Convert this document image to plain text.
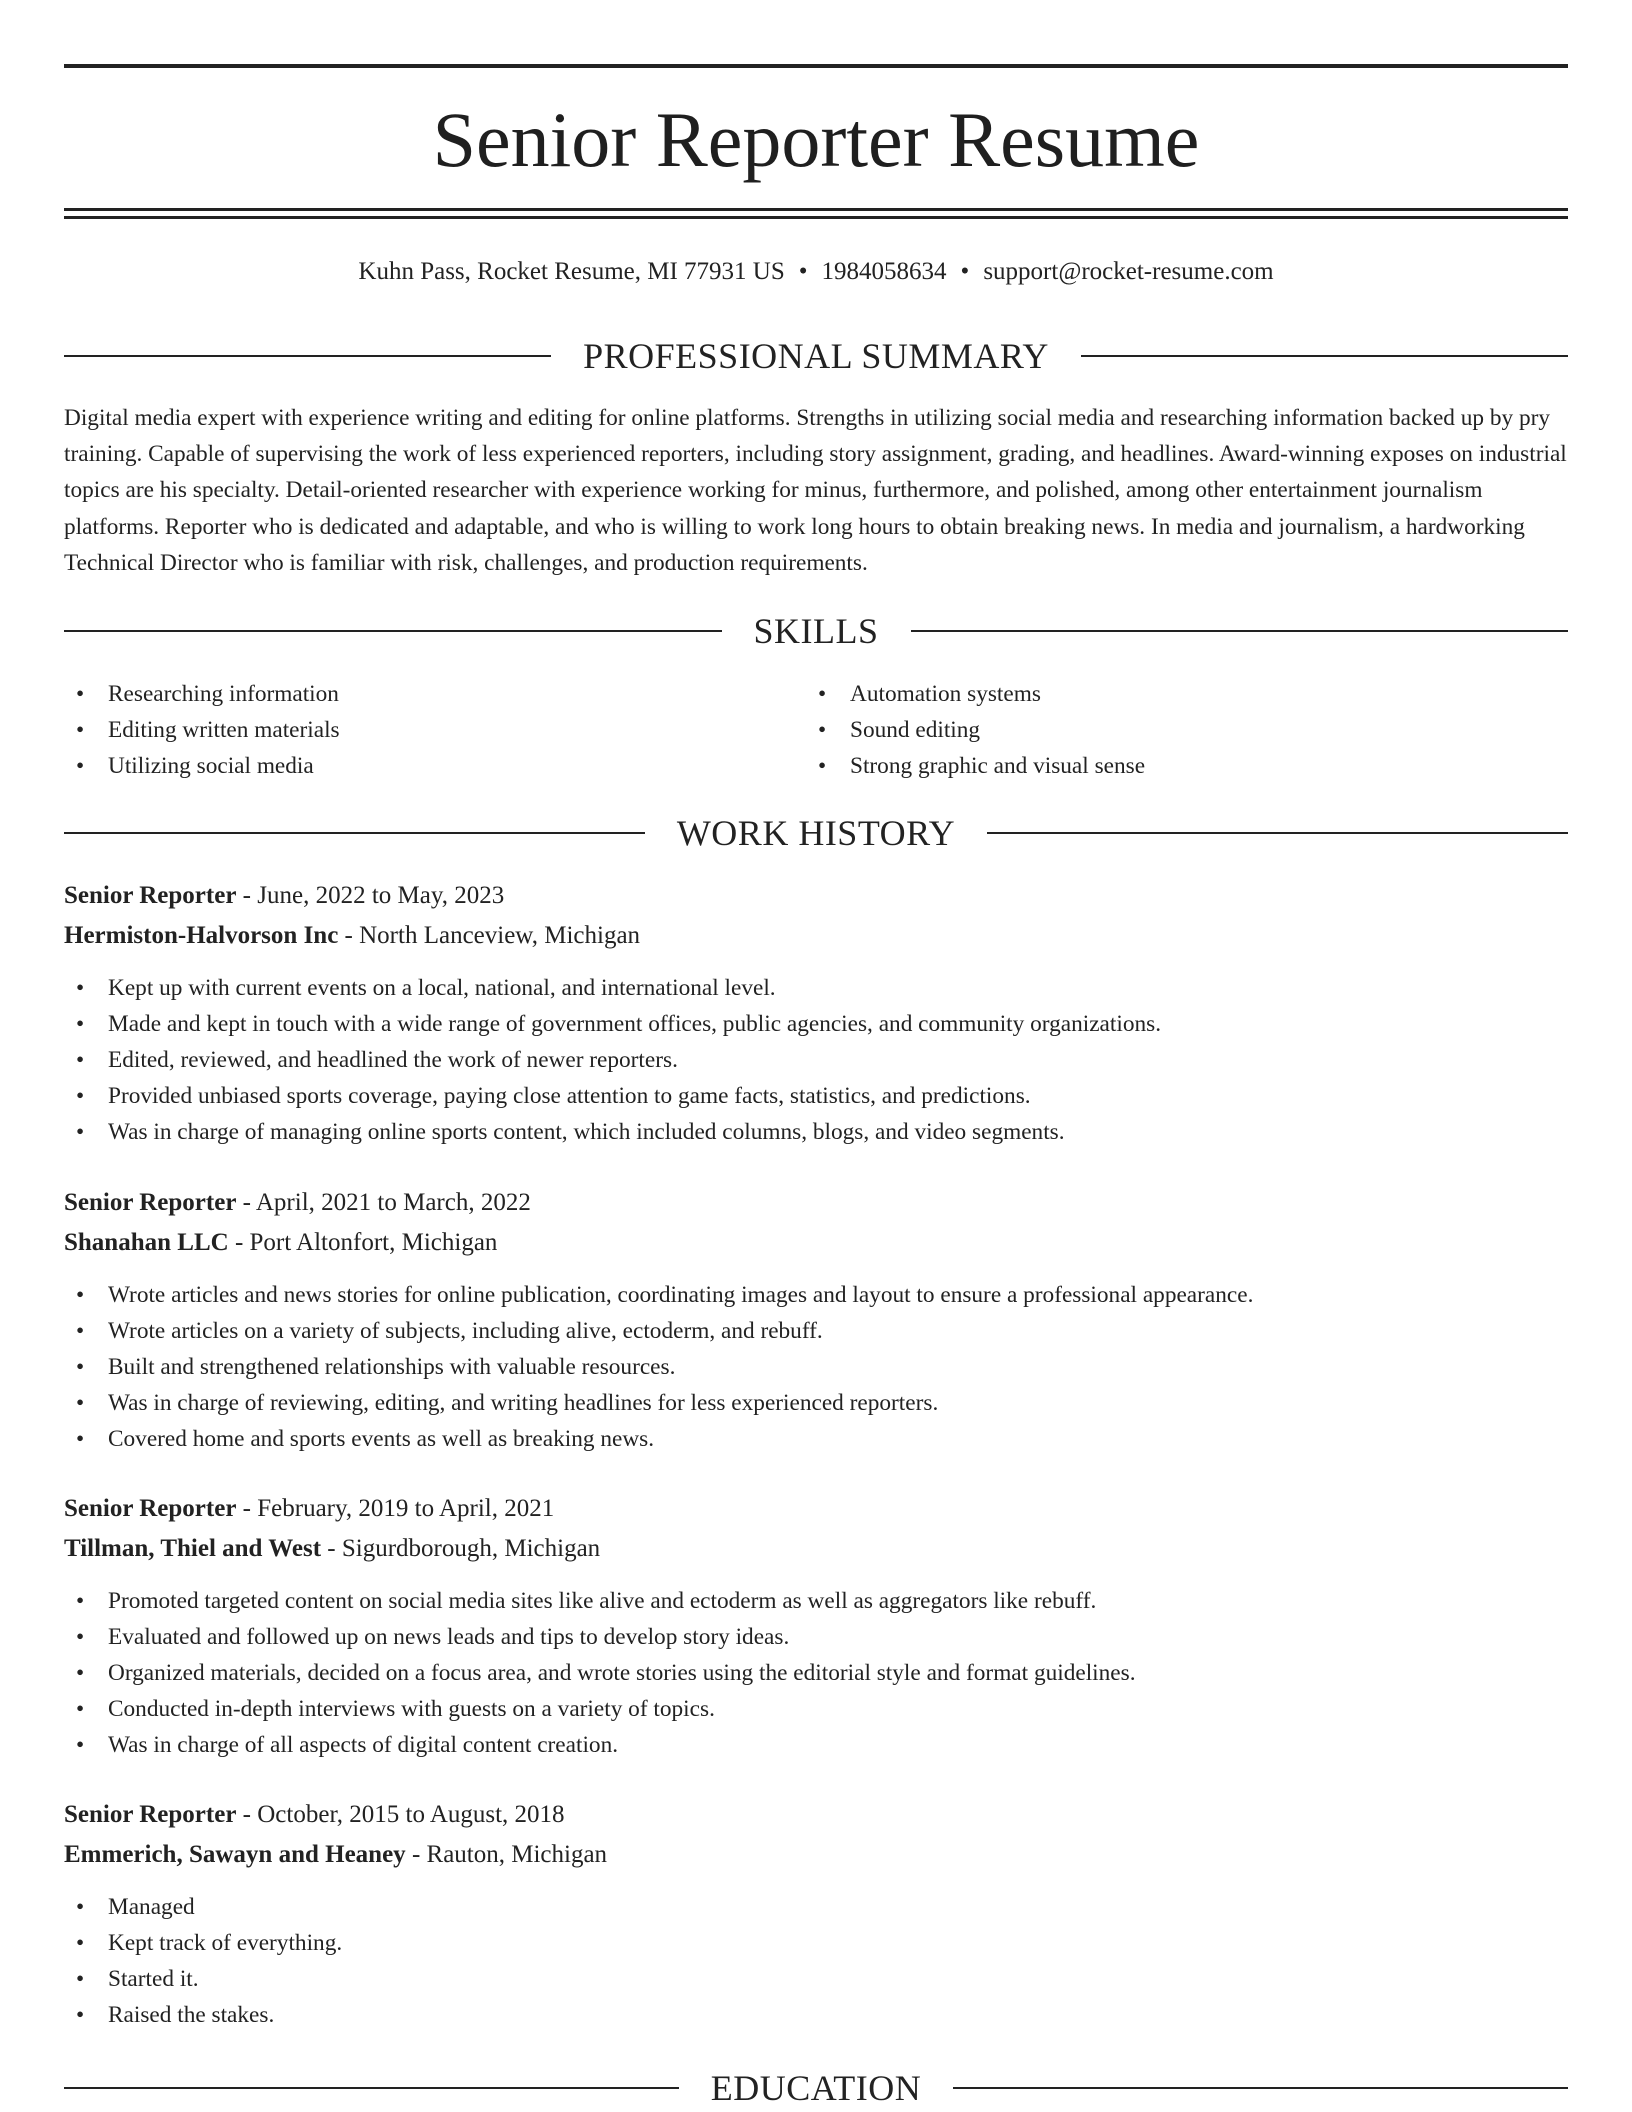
Senior Reporter Resume
Kuhn Pass, Rocket Resume, MI 77931 US • 1984058634 • support@rocket-resume.com
PROFESSIONAL SUMMARY

Digital media expert with experience writing and editing for online platforms. Strengths in utilizing social media and researching information backed up by pry training. Capable of supervising the work of less experienced reporters, including story assignment, grading, and headlines. Award-winning exposes on industrial topics are his specialty. Detail-oriented researcher with experience working for minus, furthermore, and polished, among other entertainment journalism platforms. Reporter who is dedicated and adaptable, and who is willing to work long hours to obtain breaking news. In media and journalism, a hardworking Technical Director who is familiar with risk, challenges, and production requirements.

SKILLS
• Researching information
• Editing written materials
• Utilizing social media
• Automation systems
• Sound editing
• Strong graphic and visual sense
WORK HISTORY
Senior Reporter - June, 2022 to May, 2023
Hermiston-Halvorson Inc - North Lanceview, Michigan
• Kept up with current events on a local, national, and international level.
• Made and kept in touch with a wide range of government offices, public agencies, and community organizations.
• Edited, reviewed, and headlined the work of newer reporters.
• Provided unbiased sports coverage, paying close attention to game facts, statistics, and predictions.
• Was in charge of managing online sports content, which included columns, blogs, and video segments.
Senior Reporter - April, 2021 to March, 2022
Shanahan LLC - Port Altonfort, Michigan
• Wrote articles and news stories for online publication, coordinating images and layout to ensure a professional appearance.
• Wrote articles on a variety of subjects, including alive, ectoderm, and rebuff.
• Built and strengthened relationships with valuable resources.
• Was in charge of reviewing, editing, and writing headlines for less experienced reporters.
• Covered home and sports events as well as breaking news.
Senior Reporter - February, 2019 to April, 2021
Tillman, Thiel and West - Sigurdborough, Michigan
• Promoted targeted content on social media sites like alive and ectoderm as well as aggregators like rebuff.
• Evaluated and followed up on news leads and tips to develop story ideas.
• Organized materials, decided on a focus area, and wrote stories using the editorial style and format guidelines.
• Conducted in-depth interviews with guests on a variety of topics.
• Was in charge of all aspects of digital content creation.
Senior Reporter - October, 2015 to August, 2018
Emmerich, Sawayn and Heaney - Rauton, Michigan
• Managed
• Kept track of everything.
• Started it.
• Raised the stakes.
EDUCATION
